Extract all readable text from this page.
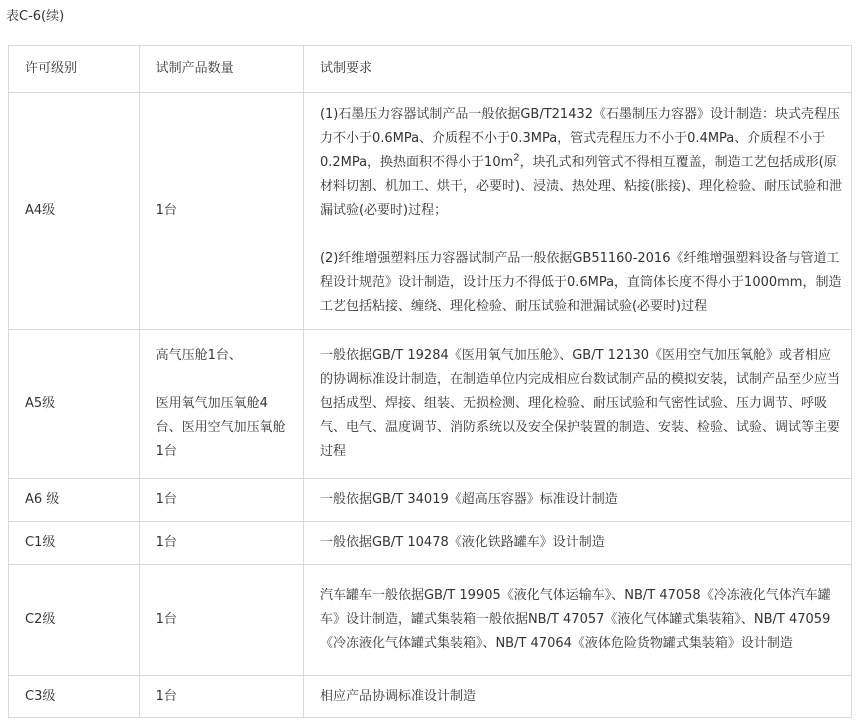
表C-6(续)
许可级别	试制产品数量	试制要求
A4级	1台	(1)石墨压力容器试制产品一般依据GB/T21432《石墨制压力容器》设计制造：块式壳程压力不小于0.6MPa、介质程不小于0.3MPa，管式壳程压力不小于0.4MPa、介质程不小于0.2MPa，换热面积不得小于$10m^2$，块孔式和列管式不得相互覆盖，制造工艺包括成形(原材料切割、机加工、烘干，必要时)、浸渍、热处理、粘接(胀接)、理化检验、耐压试验和泄漏试验(必要时)过程；

(2)纤维增强塑料压力容器试制产品一般依据GB51160-2016《纤维增强塑料设备与管道工程设计规范》设计制造，设计压力不得低于0.6MPa，直筒体长度不得小于1000mm，制造工艺包括粘接、缠绕、理化检验、耐压试验和泄漏试验(必要时)过程

A5级	高气压舱1台、

医用氧气加压氧舱4台、医用空气加压氧舱1台	一般依据GB/T 19284《医用氧气加压舱》、GB/T 12130《医用空气加压氧舱》或者相应的协调标准设计制造，在制造单位内完成相应台数试制产品的模拟安装，试制产品至少应当包括成型、焊接、组装、无损检测、理化检验、耐压试验和气密性试验、压力调节、呼吸气、电气、温度调节、消防系统以及安全保护装置的制造、安装、检验、试验、调试等主要过程
A6 级	1台	一般依据GB/T 34019《超高压容器》标准设计制造
C1级	1台	一般依据GB/T 10478《液化铁路罐车》设计制造
C2级	1台	汽车罐车一般依据GB/T 19905《液化气体运输车》、NB/T 47058《冷冻液化气体汽车罐车》设计制造，罐式集装箱一般依据NB/T 47057《液化气体罐式集装箱》、NB/T 47059《冷冻液化气体罐式集装箱》、NB/T 47064《液体危险货物罐式集装箱》设计制造
C3级	1台	相应产品协调标准设计制造
